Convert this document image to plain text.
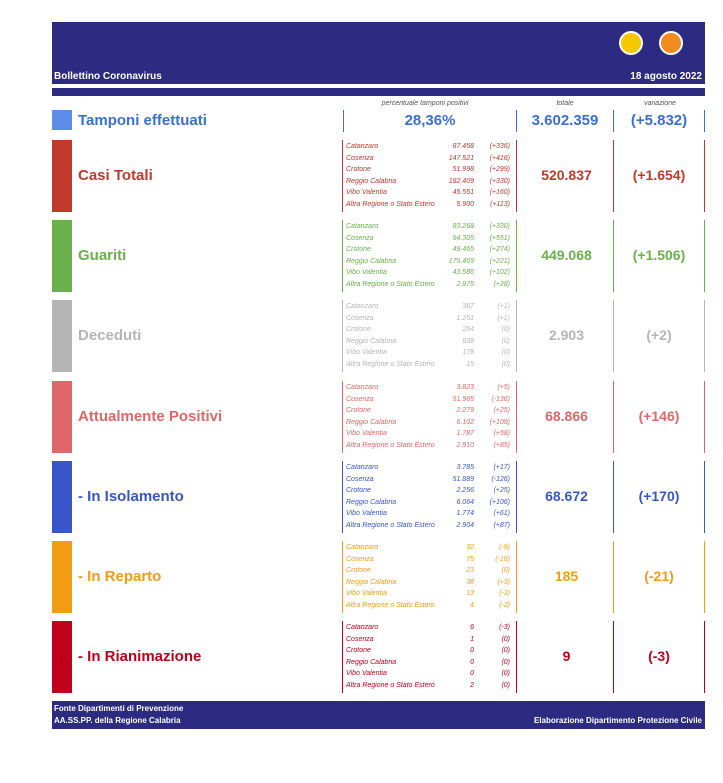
Bollettino Coronavirus	18 agosto 2022
percentuale tamponi positivi	totale	variazione
Tamponi effettuati	28,36%	3.602.359	(+5.832)
Casi Totali
Catanzaro	87.458 (+336)
Cosenza	147.521 (+416)
Crotone	51.998 (+299)
Reggio Calabria	182.409 (+330)
Vibo Valentia	45.551 (+160)
Altra Regione o Stato Estero	5.900 (+113)
520.837	(+1.654)
Guariti
Catanzaro	83.268 (+330)
Cosenza	94.305 (+551)
Crotone	49.465 (+274)
Reggio Calabria	175.469 (+221)
Vibo Valentia	43.586 (+102)
Altra Regione o Stato Estero	2.975	(+28)
449.068	(+1.506)
Deceduti
Catanzaro	367	(+1)
Cosenza	1.251	(+1)
Crotone	254	(0)
Reggio Calabria	838	(0)
Vibo Valentia	178	(0)
Altra Regione o Stato Estero	15	(0)
2.903	(+2)
Attualmente Positivi
Catanzaro	3.823	(+5)
Cosenza	51.965 (-136)
Crotone	2.279	(+25)
Reggio Calabria	6.102 (+109)
Vibo Valentia	1.787	(+58)
Altra Regione o Stato Estero	2.910	(+85)
68.866	(+146)
- In Isolamento
Catanzaro	3.785	(+17)
Cosenza	51.889 (-126)
Crotone	2.256	(+25)
Reggio Calabria	6.064 (+106)
Vibo Valentia	1.774	(+61)
Altra Regione o Stato Estero	2.904	(+87)
68.672	(+170)
- In Reparto
Catanzaro	32	(-9)
Cosenza	75	(-10)
Crotone	23	(0)
Reggio Calabria	38	(+3)
Vibo Valentia	13	(-3)
Altra Regione o Stato Estero	4	(-2)
185	(-21)
- In Rianimazione
Catanzaro	6	(-3)
Cosenza	1	(0)
Crotone	0	(0)
Reggio Calabria	0	(0)
Vibo Valentia	0	(0)
Altra Regione o Stato Estero	2	(0)
9	(-3)
Fonte Dipartimenti di Prevenzione
AA.SS.PP. della Regione Calabria	Elaborazione Dipartimento Protezione Civile
